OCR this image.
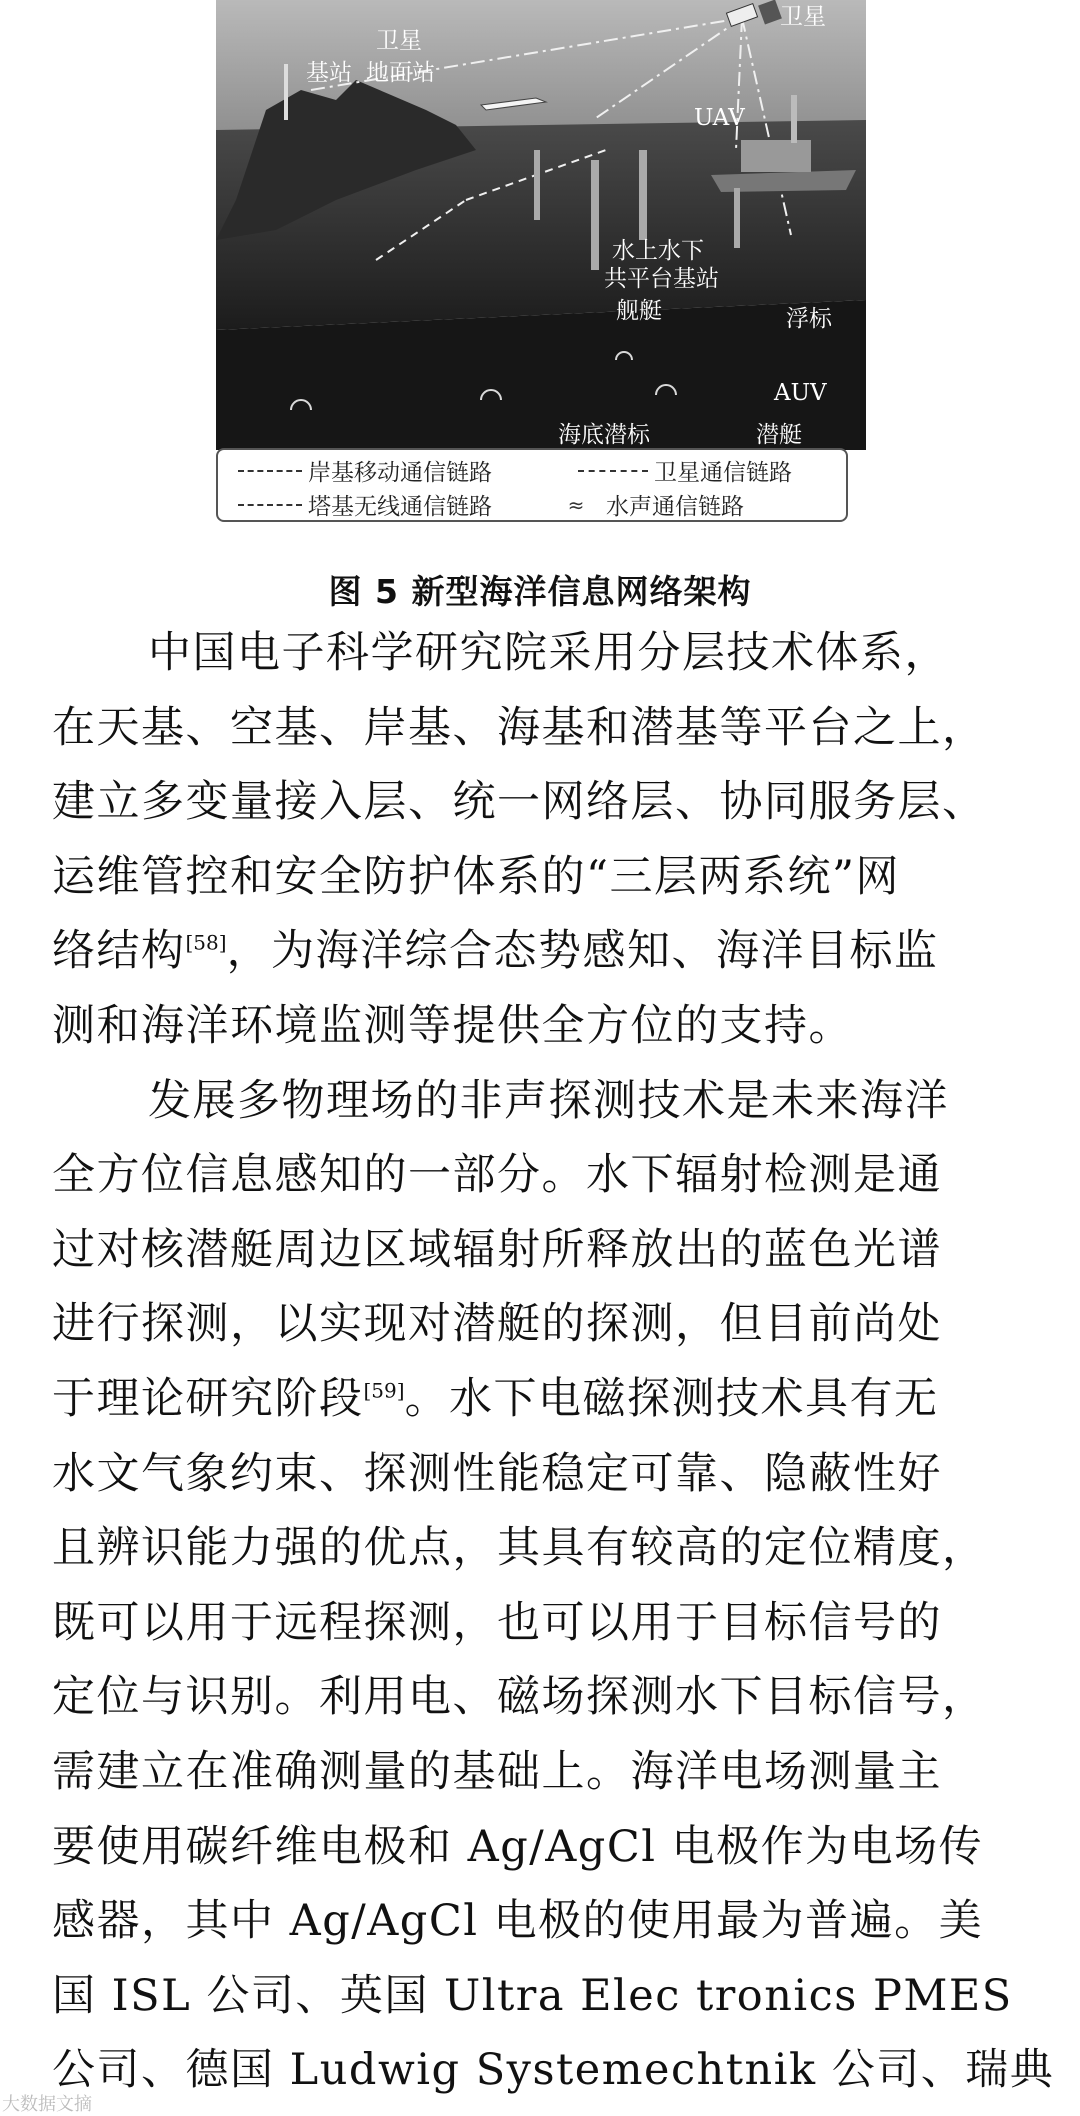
卫星
卫星
基站 地面站
UAV
水上水下
共平台基站
舰艇	浮标
AUV
海底潜标	潜艇
岸基移动通信链路	卫星通信链路
塔基无线通信链路	≈ 水声通信链路
图 5 新型海洋信息网络架构
中国电子科学研究院采用分层技术体系，
在天基、空基、岸基、海基和潜基等平台之上，
建立多变量接入层、统一网络层、协同服务层、
运维管控和安全防护体系的“三层两系统”网
络结构[58]，为海洋综合态势感知、海洋目标监
测和海洋环境监测等提供全方位的支持。
发展多物理场的非声探测技术是未来海洋
全方位信息感知的一部分。水下辐射检测是通
过对核潜艇周边区域辐射所释放出的蓝色光谱
进行探测，以实现对潜艇的探测，但目前尚处
于理论研究阶段[59]。水下电磁探测技术具有无
水文气象约束、探测性能稳定可靠、隐蔽性好
且辨识能力强的优点，其具有较高的定位精度，
既可以用于远程探测，也可以用于目标信号的
定位与识别。利用电、磁场探测水下目标信号，
需建立在准确测量的基础上。海洋电场测量主
要使用碳纤维电极和 Ag/AgCl 电极作为电场传
感器，其中 Ag/AgCl 电极的使用最为普遍。美
国 ISL 公司、英国 Ultra Elec tronics PMES
公司、德国 Ludwig Systemechtnik 公司、瑞典
大数据文摘
